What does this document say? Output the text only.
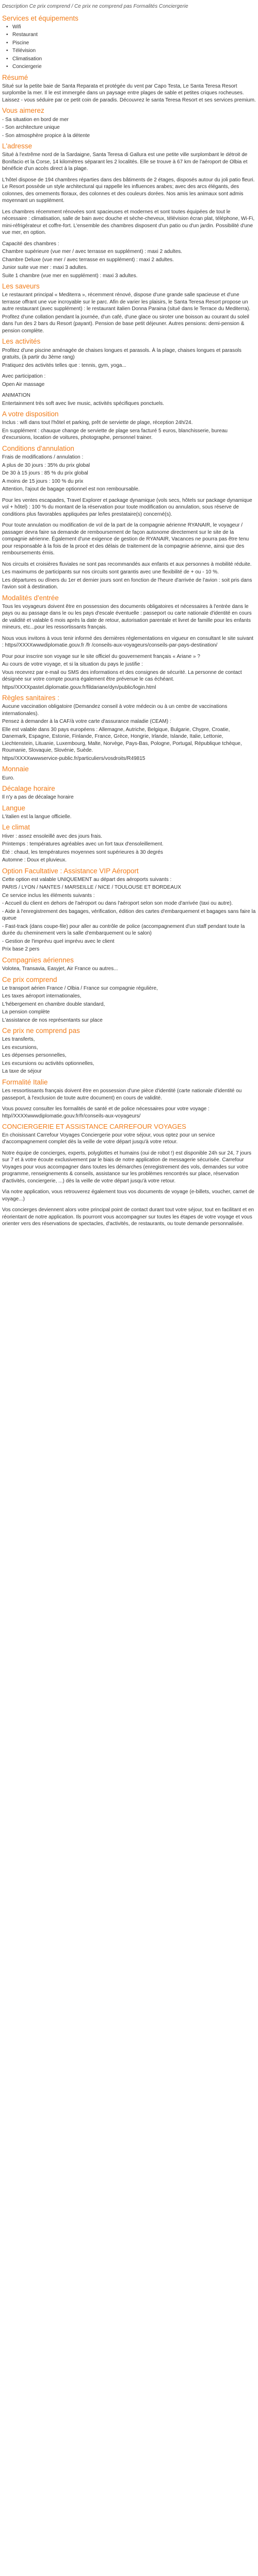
Description Ce prix comprend / Ce prix ne comprend pas Formalités Conciergerie
Services et équipements
• Wifi
• Restaurant
• Piscine
• Télévision
• Climatisation
• Conciergerie
Résumé
Situé sur la petite baie de Santa Reparata et protégée du vent par Capo Testa, Le Santa Teresa Resort surplombe la mer. Il le est immergée dans un paysage entre plages de sable et petites criques rocheuses. Laissez - vous séduire par ce petit coin de paradis. Découvrez le santa Teresa Resort et ses services premium.
Vous aimerez
- Sa situation en bord de mer
- Son architecture unique
- Son atmosphère propice à la détente
L'adresse
Situé à l'extrême nord de la Sardaigne, Santa Teresa di Gallura est une petite ville surplombant le détroit de Bonifacio et la Corse, 14 kilomètres séparant les 2 localités. Elle se trouve à 67 km de l'aéroport de Olbia et bénéficie d'un accès direct à la plage.
L'hôtel dispose de 194 chambres réparties dans des bâtiments de 2 étages, disposés autour du joli patio fleuri. Le Resort possède un style architectural qui rappelle les influences arabes; avec des arcs élégants, des colonnes, des ornements floraux, des colonnes et des couleurs dorées. Nos amis les animaux sont admis moyennant un supplément.
Les chambres récemment rénovées sont spacieuses et modernes et sont toutes équipées de tout le nécessaire : climatisation, salle de bain avec douche et sèche-cheveux, télévision écran plat, téléphone, Wi-Fi, mini-réfrigérateur et coffre-fort. L'ensemble des chambres disposent d'un patio ou d'un jardin. Possibilité d'une vue mer, en option.
Capacité des chambres :
Chambre supérieure (vue mer / avec terrasse en supplément) : maxi 2 adultes.
Chambre Deluxe (vue mer / avec terrasse en supplément) : maxi 2 adultes.
Junior suite vue mer : maxi 3 adultes.
Suite 1 chambre (vue mer en supplément) : maxi 3 adultes.
Les saveurs
Le restaurant principal « Mediterra », récemment rénové, dispose d'une grande salle spacieuse et d'une terrasse offrant une vue incroyable sur le parc. Afin de varier les plaisirs, le Santa Teresa Resort propose un autre restaurant (avec supplément) : le restaurant italien Donna Paraina (situé dans le Terrace du Mediterra).
Profitez d'une collation pendant la journée, d'un café, d'une glace ou siroter une boisson au courant du soleil dans l'un des 2 bars du Resort (payant). Pension de base petit déjeuner. Autres pensions: demi-pension & pension complète.
Les activités
Profitez d'une piscine aménagée de chaises longues et parasols. À la plage, chaises longues et parasols gratuits, (à partir du 3ème rang)
Pratiquez des activités telles que : tennis, gym, yoga...
Avec participation :
Open Air massage
ANIMATION
Entertainment très soft avec live music, activités spécifiques ponctuels.
A votre disposition
Inclus : wifi dans tout l'hôtel et parking, prêt de serviette de plage, réception 24h/24.
En supplément : chauque change de serviette de plage sera facturé 5 euros, blanchisserie, bureau d'excursions, location de voitures, photographe, personnel trainer.
Conditions d'annulation
Frais de modifications / annulation :
A plus de 30 jours : 35% du prix global
De 30 à 15 jours : 85 % du prix global
A moins de 15 jours : 100 % du prix
Attention, l'ajout de bagage optionnel est non remboursable.
Pour les ventes escapades, Travel Explorer et package dynamique (vols secs, hôtels sur package dynamique vol + hôtel) : 100 % du montant de la réservation pour toute modification ou annulation, sous réserve de conditions plus favorables appliquées par le/les prestataire(s) concerné(s).
Pour toute annulation ou modification de vol de la part de la compagnie aérienne RYANAIR, le voyageur / passager devra faire sa demande de remboursement de façon autonome directement sur le site de la compagnie aérienne. Également d'une exigence de gestion de RYANAIR, Vacances ne pourra pas être tenu pour responsable à la fois de la procé et des délais de traitement de la compagnie aérienne, ainsi que des remboursements émis.
Nos circuits et croisières fluviales ne sont pas recommandés aux enfants et aux personnes à mobilité réduite.
Les maximums de participants sur nos circuits sont garantis avec une flexibilité de + ou - 10 %.
Les départures ou dîners du 1er et dernier jours sont en fonction de l'heure d'arrivée de l'avion : soit pris dans l'avion soit à destination.
Modalités d'entrée
Tous les voyageurs doivent être en possession des documents obligatoires et nécessaires à l'entrée dans le pays ou au passage dans le ou les pays d'escale éventuelle : passeport ou carte nationale d'identité en cours de validité et valable 6 mois après la date de retour, autorisation parentale et livret de famille pour les enfants mineurs, etc...pour les ressortissants français.
Nous vous invitons à vous tenir informé des dernières réglementations en vigueur en consultant le site suivant : https//XXXXwwwdiplomatie.gouv.fr /fr /conseils-aux-voyageurs/conseils-par-pays-destination/
Pour pour inscrire son voyage sur le site officiel du gouvernement français « Ariane » ?
Au cours de votre voyage, et si la situation du pays le justifie :
Vous recevrez par e-mail ou SMS des informations et des consignes de sécurité. La personne de contact désignée sur votre compte pourra également être prévenue le cas échéant.
https//XXXXpastel.diplomatie.gouv.fr/fildariane/dyn/public/login.html
Règles sanitaires :
Aucune vaccination obligatoire (Demandez conseil à votre médecin ou à un centre de vaccinations internationales).
Pensez à demander à la CAF/à votre carte d'assurance maladie (CEAM) :
Elle est valable dans 30 pays européens : Allemagne, Autriche, Belgique, Bulgarie, Chypre, Croatie, Danemark, Espagne, Estonie, Finlande, France, Grèce, Hongrie, Irlande, Islande, Italie, Lettonie, Liechtenstein, Lituanie, Luxembourg, Malte, Norvège, Pays-Bas, Pologne, Portugal, République tchèque, Roumanie, Slovaquie, Slovénie, Suède.
https//XXXXwwwservice-public.fr/particuliers/vosdroits/R49815
Monnaie
Euro.
Décalage horaire
Il n'y a pas de décalage horaire
Langue
L'italien est la langue officielle.
Le climat
Hiver : assez ensoleillé avec des jours frais.
Printemps : températures agréables avec un fort taux d'ensoleillement.
Été : chaud, les températures moyennes sont supérieures à 30 degrés
Automne : Doux et pluvieux.
Option Facultative : Assistance VIP Aéroport
Cette option est valable UNIQUEMENT au départ des aéroports suivants :
PARIS / LYON / NANTES / MARSEILLE / NICE / TOULOUSE ET BORDEAUX
Ce service inclus les éléments suivants :
- Accueil du client en dehors de l'aéroport ou dans l'aéroport selon son mode d'arrivée (taxi ou autre).
- Aide à l'enregistrement des bagages, vérification, édition des cartes d'embarquement et bagages sans faire la queue
- Fast-track (dans coupe-file) pour aller au contrôle de police (accompagnement d'un staff pendant toute la durée du cheminement vers la salle d'embarquement ou le salon)
- Gestion de l'imprévu quel imprévu avec le client
Prix base 2 pers
Compagnies aériennes
Volotea, Transavia, Easyjet, Air France ou autres...
Ce prix comprend
Le transport aérien France / Olbia / France sur compagnie régulière,
Les taxes aéroport internationales,
L'hébergement en chambre double standard,
La pension complète
L'assistance de nos représentants sur place
Ce prix ne comprend pas
Les transferts,
Les excursions,
Les dépenses personnelles,
Les excursions ou activités optionnelles,
La taxe de séjour
Formalité Italie
Les ressortissants français doivent être en possession d'une pièce d'identité (carte nationale d'identité ou passeport, à l'exclusion de toute autre document) en cours de validité.
Vous pouvez consulter les formalités de santé et de police nécessaires pour votre voyage : http//XXXXwwwdiplomatie.gouv.fr/fr/conseils-aux-voyageurs/
CONCIERGERIE ET ASSISTANCE CARREFOUR VOYAGES
En choisissant Carrefour Voyages Conciergerie pour votre séjour, vous optez pour un service d'accompagnement complet dès la veille de votre départ jusqu'à votre retour.
Notre équipe de concierges, experts, polyglottes et humains (oui de robot !) est disponible 24h sur 24, 7 jours sur 7 et à votre écoute exclusivement par le biais de notre application de messagerie sécurisée. Carrefour Voyages pour vous accompagner dans toutes les démarches (enregistrement des vols, demandes sur votre programme, renseignements & conseils, assistance sur les problèmes rencontrés sur place, réservation d'activités, conciergerie, ...) dès la veille de votre départ jusqu'à votre retour.
Via notre application, vous retrouverez également tous vos documents de voyage (e-billets, voucher, carnet de voyage...)
Vos concierges deviennent alors votre principal point de contact durant tout votre séjour, tout en facilitant et en réorientant de notre application. Ils pourront vous accompagner sur toutes les étapes de votre voyage et vous orienter vers des réservations de spectacles, d'activités, de restaurants, ou toute demande personnalisée.
